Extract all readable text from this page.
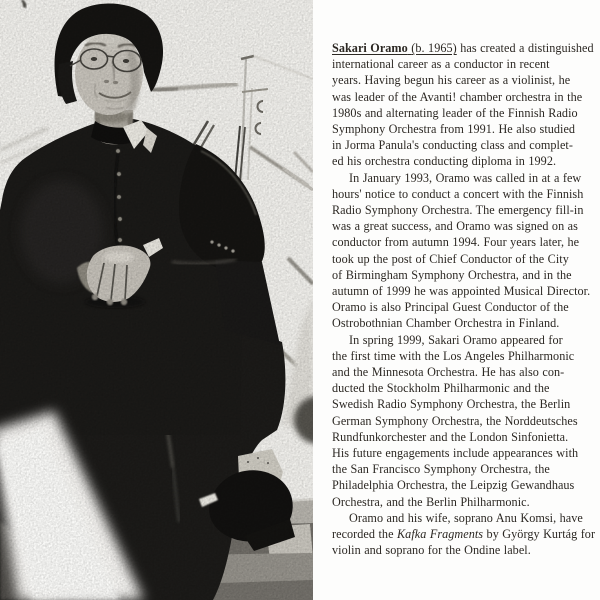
Sakari Oramo (b. 1965) has created a distinguished
international career as a conductor in recent
years. Having begun his career as a violinist, he
was leader of the Avanti! chamber orchestra in the
1980s and alternating leader of the Finnish Radio
Symphony Orchestra from 1991. He also studied
in Jorma Panula's conducting class and complet-
ed his orchestra conducting diploma in 1992.
In January 1993, Oramo was called in at a few
hours' notice to conduct a concert with the Finnish
Radio Symphony Orchestra. The emergency fill-in
was a great success, and Oramo was signed on as
conductor from autumn 1994. Four years later, he
took up the post of Chief Conductor of the City
of Birmingham Symphony Orchestra, and in the
autumn of 1999 he was appointed Musical Director.
Oramo is also Principal Guest Conductor of the
Ostrobothnian Chamber Orchestra in Finland.
In spring 1999, Sakari Oramo appeared for
the first time with the Los Angeles Philharmonic
and the Minnesota Orchestra. He has also con-
ducted the Stockholm Philharmonic and the
Swedish Radio Symphony Orchestra, the Berlin
German Symphony Orchestra, the Norddeutsches
Rundfunkorchester and the London Sinfonietta.
His future engagements include appearances with
the San Francisco Symphony Orchestra, the
Philadelphia Orchestra, the Leipzig Gewandhaus
Orchestra, and the Berlin Philharmonic.
Oramo and his wife, soprano Anu Komsi, have
recorded the Kafka Fragments by György Kurtág for
violin and soprano for the Ondine label.
